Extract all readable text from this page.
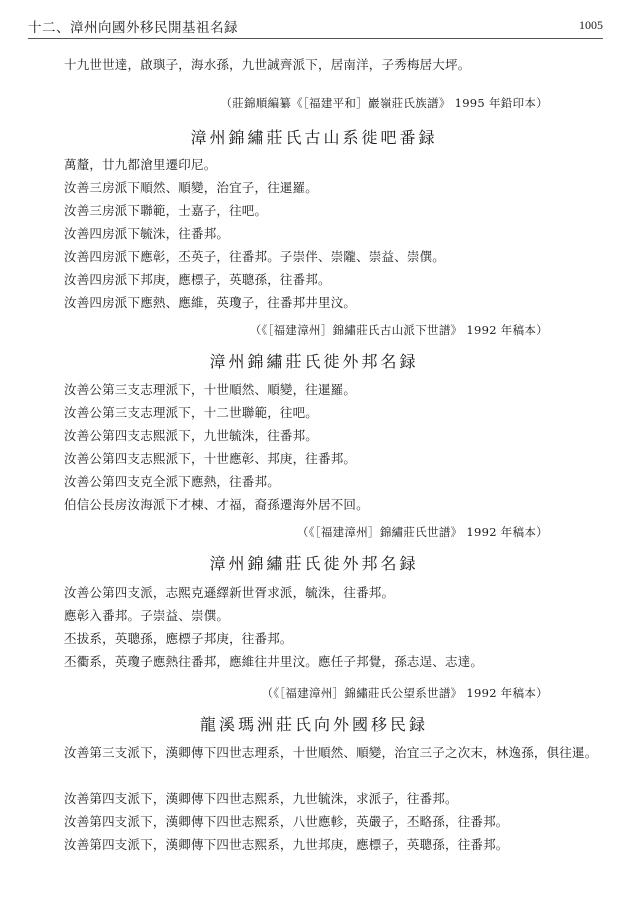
十二、漳州向國外移民開基祖名録	1005
十九世世達，啟璵子，海水孫，九世誠齊派下，居南洋，子秀梅居大坪。
（莊錦順編纂《［福建平和］巖嶺莊氏族譜》 1995 年鉛印本）
漳州錦繡莊氏古山系徙吧番録
萬釐，廿九都滄里遷印尼。
汝善三房派下順然、順變，治宜子，往暹羅。
汝善三房派下聯範，士嘉子，往吧。
汝善四房派下毓洙，往番邦。
汝善四房派下應彰，丕英子，往番邦。子崇伴、崇隴、崇益、崇僎。
汝善四房派下邦庚，應標子，英聰孫，往番邦。
汝善四房派下應熱、應維，英瓊子，往番邦井里汶。
（《［福建漳州］錦繡莊氏古山派下世譜》 1992 年稿本）
漳州錦繡莊氏徙外邦名録
汝善公第三支志理派下，十世順然、順變，往暹羅。
汝善公第三支志理派下，十二世聯範，往吧。
汝善公第四支志熙派下，九世毓洙，往番邦。
汝善公第四支志熙派下，十世應彰、邦庚，往番邦。
汝善公第四支克全派下應熱，往番邦。
伯信公長房汝海派下才棟、才福，裔孫遷海外居不回。
（《［福建漳州］錦繡莊氏世譜》 1992 年稿本）
漳州錦繡莊氏徙外邦名録
汝善公第四支派，志熙克遜繹新世胥求派，毓洙，往番邦。
應彰入番邦。子崇益、崇僎。
丕拔系，英聰孫，應標子邦庚，往番邦。
丕衢系，英瓊子應熱往番邦，應維往井里汶。應任子邦覺，孫志逞、志達。
（《［福建漳州］錦繡莊氏公望系世譜》 1992 年稿本）
龍溪瑪洲莊氏向外國移民録
汝善第三支派下，漢卿傳下四世志理系，十世順然、順變，治宜三子之次末，林逸孫，俱往暹。
汝善第四支派下，漢卿傳下四世志熙系，九世毓洙，求派子，往番邦。
汝善第四支派下，漢卿傳下四世志熙系，八世應軫，英嚴子，丕略孫，往番邦。
汝善第四支派下，漢卿傳下四世志熙系，九世邦庚，應標子，英聰孫，往番邦。
